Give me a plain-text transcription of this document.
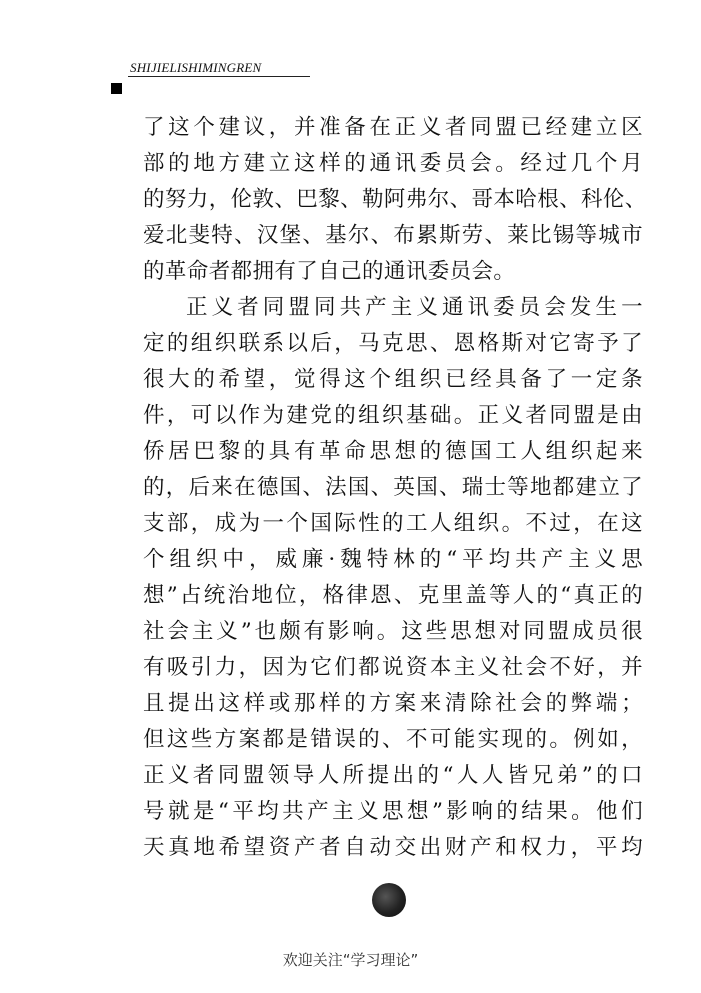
SHIJIELISHIMINGREN
了这个建议，并准备在正义者同盟已经建立区
部的地方建立这样的通讯委员会。经过几个月
的努力，伦敦、巴黎、勒阿弗尔、哥本哈根、科伦、
爱北斐特、汉堡、基尔、布累斯劳、莱比锡等城市
的革命者都拥有了自己的通讯委员会。
正义者同盟同共产主义通讯委员会发生一
定的组织联系以后，马克思、恩格斯对它寄予了
很大的希望，觉得这个组织已经具备了一定条
件，可以作为建党的组织基础。正义者同盟是由
侨居巴黎的具有革命思想的德国工人组织起来
的，后来在德国、法国、英国、瑞士等地都建立了
支部，成为一个国际性的工人组织。不过，在这
个组织中，威廉·魏特林的“平均共产主义思
想”占统治地位，格律恩、克里盖等人的“真正的
社会主义”也颇有影响。这些思想对同盟成员很
有吸引力，因为它们都说资本主义社会不好，并
且提出这样或那样的方案来清除社会的弊端；
但这些方案都是错误的、不可能实现的。例如，
正义者同盟领导人所提出的“人人皆兄弟”的口
号就是“平均共产主义思想”影响的结果。他们
天真地希望资产者自动交出财产和权力，平均
欢迎关注“学习理论”
